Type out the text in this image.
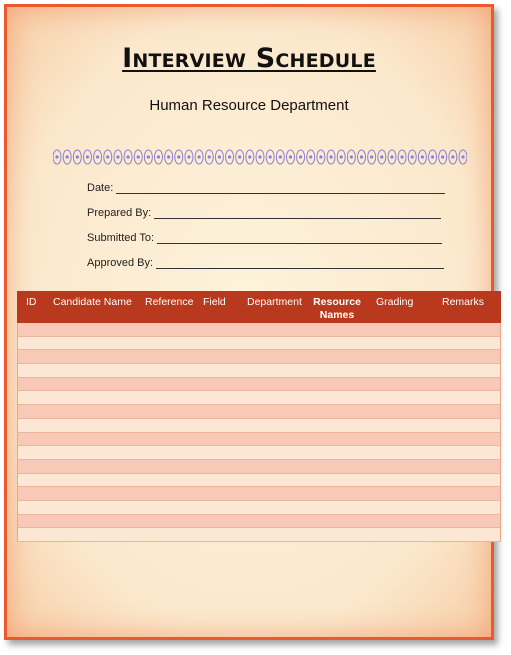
Interview Schedule
Human Resource Department
Date:
Prepared By:
Submitted To:
Approved By:
ID Candidate Name Reference Field Department Resource
Names
Grading	Remarks
